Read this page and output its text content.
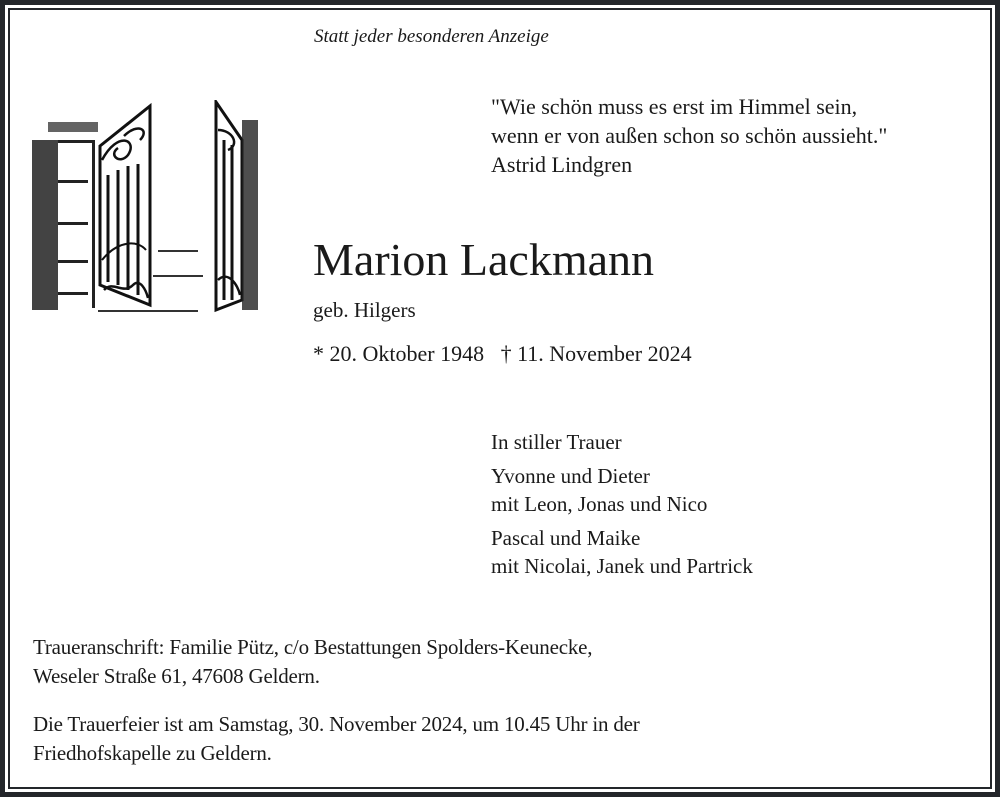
Statt jeder besonderen Anzeige
"Wie schön muss es erst im Himmel sein,
wenn er von außen schon so schön aussieht."
Astrid Lindgren
Marion Lackmann
geb. Hilgers
* 20. Oktober 1948 † 11. November 2024
In stiller Trauer
Yvonne und Dieter
mit Leon, Jonas und Nico
Pascal und Maike
mit Nicolai, Janek und Partrick
Traueranschrift: Familie Pütz, c/o Bestattungen Spolders-Keunecke,
Weseler Straße 61, 47608 Geldern.
Die Trauerfeier ist am Samstag, 30. November 2024, um 10.45 Uhr in der
Friedhofskapelle zu Geldern.
